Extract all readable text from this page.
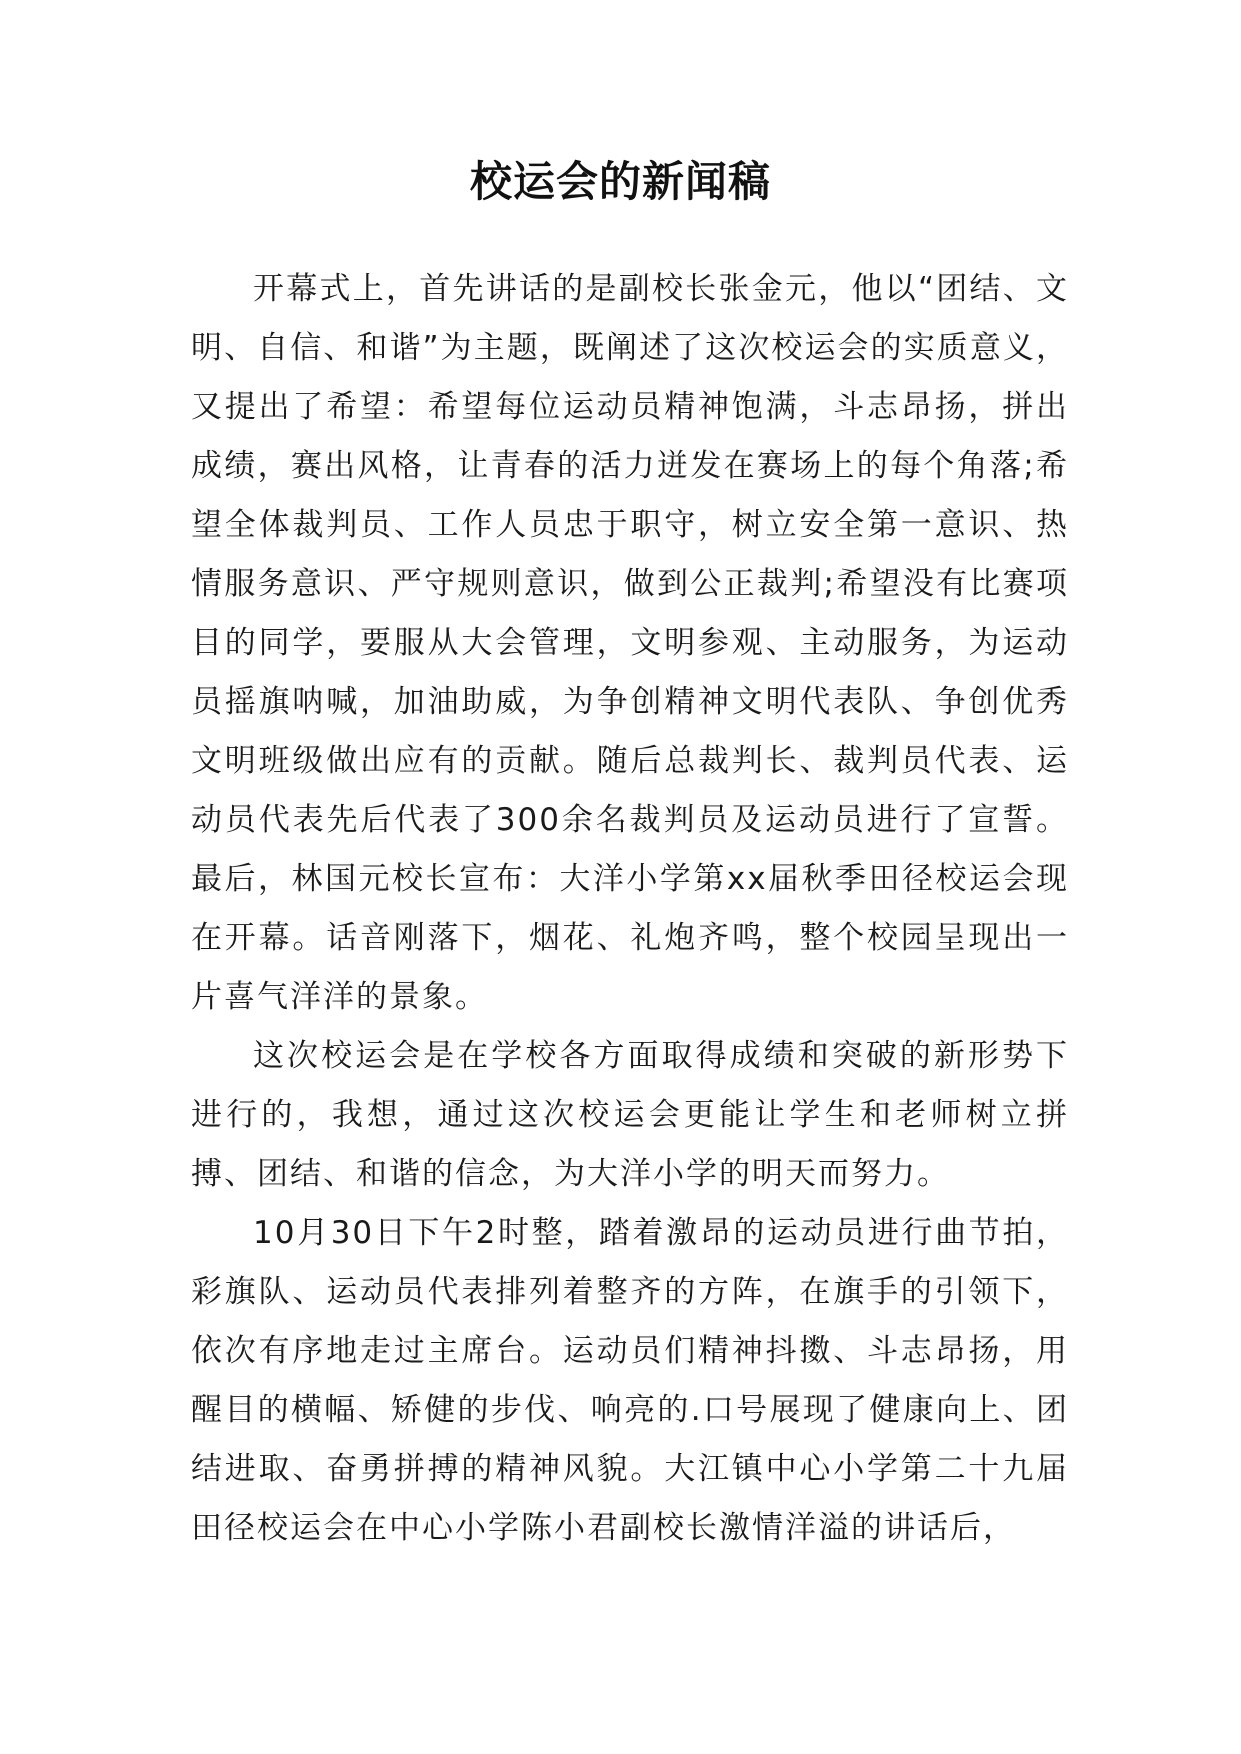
校运会的新闻稿

开幕式上，首先讲话的是副校长张金元，他以“团结、文明、自信、和谐”为主题，既阐述了这次校运会的实质意义，又提出了希望：希望每位运动员精神饱满，斗志昂扬，拼出成绩，赛出风格，让青春的活力迸发在赛场上的每个角落;希望全体裁判员、工作人员忠于职守，树立安全第一意识、热情服务意识、严守规则意识，做到公正裁判;希望没有比赛项目的同学，要服从大会管理，文明参观、主动服务，为运动员摇旗呐喊，加油助威，为争创精神文明代表队、争创优秀文明班级做出应有的贡献。随后总裁判长、裁判员代表、运动员代表先后代表了300余名裁判员及运动员进行了宣誓。最后，林国元校长宣布：大洋小学第xx届秋季田径校运会现在开幕。话音刚落下，烟花、礼炮齐鸣，整个校园呈现出一片喜气洋洋的景象。

这次校运会是在学校各方面取得成绩和突破的新形势下进行的，我想，通过这次校运会更能让学生和老师树立拼搏、团结、和谐的信念，为大洋小学的明天而努力。

10月30日下午2时整，踏着激昂的运动员进行曲节拍，彩旗队、运动员代表排列着整齐的方阵，在旗手的引领下，依次有序地走过主席台。运动员们精神抖擞、斗志昂扬，用醒目的横幅、矫健的步伐、响亮的.口号展现了健康向上、团结进取、奋勇拼搏的精神风貌。大江镇中心小学第二十九届田径校运会在中心小学陈小君副校长激情洋溢的讲话后，
